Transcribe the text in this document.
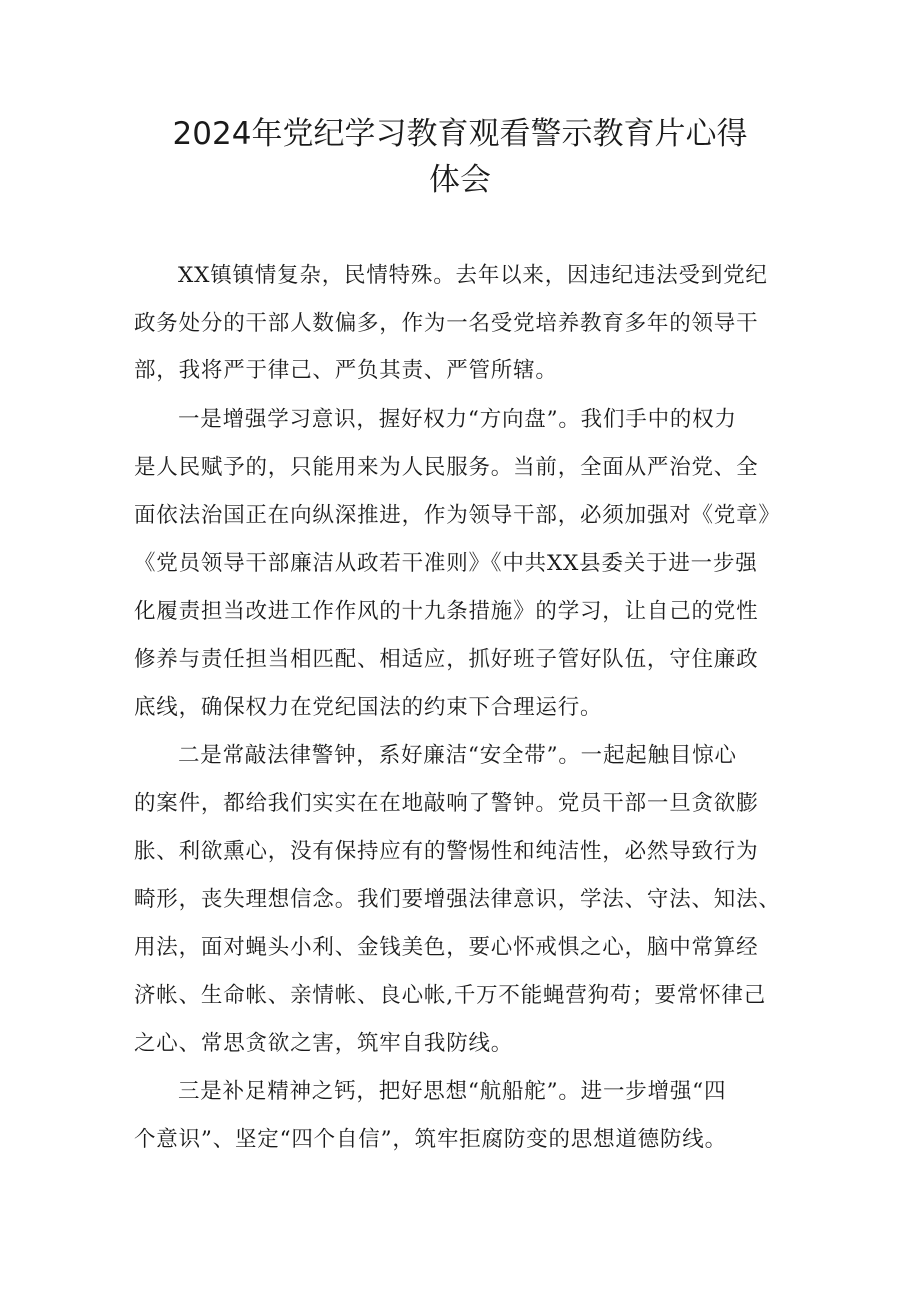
2024年党纪学习教育观看警示教育片心得
体会
XX镇镇情复杂，民情特殊。去年以来，因违纪违法受到党纪
政务处分的干部人数偏多，作为一名受党培养教育多年的领导干
部，我将严于律己、严负其责、严管所辖。
一是增强学习意识，握好权力“方向盘”。我们手中的权力
是人民赋予的，只能用来为人民服务。当前，全面从严治党、全
面依法治国正在向纵深推进，作为领导干部，必须加强对《党章》
《党员领导干部廉洁从政若干准则》《中共XX县委关于进一步强
化履责担当改进工作作风的十九条措施》的学习，让自己的党性
修养与责任担当相匹配、相适应，抓好班子管好队伍，守住廉政
底线，确保权力在党纪国法的约束下合理运行。
二是常敲法律警钟，系好廉洁“安全带”。一起起触目惊心
的案件，都给我们实实在在地敲响了警钟。党员干部一旦贪欲膨
胀、利欲熏心，没有保持应有的警惕性和纯洁性，必然导致行为
畸形，丧失理想信念。我们要增强法律意识，学法、守法、知法、
用法，面对蝇头小利、金钱美色，要心怀戒惧之心，脑中常算经
济帐、生命帐、亲情帐、良心帐,千万不能蝇营狗苟；要常怀律己
之心、常思贪欲之害，筑牢自我防线。
三是补足精神之钙，把好思想“航船舵”。进一步增强“四
个意识”、坚定“四个自信”，筑牢拒腐防变的思想道德防线。
